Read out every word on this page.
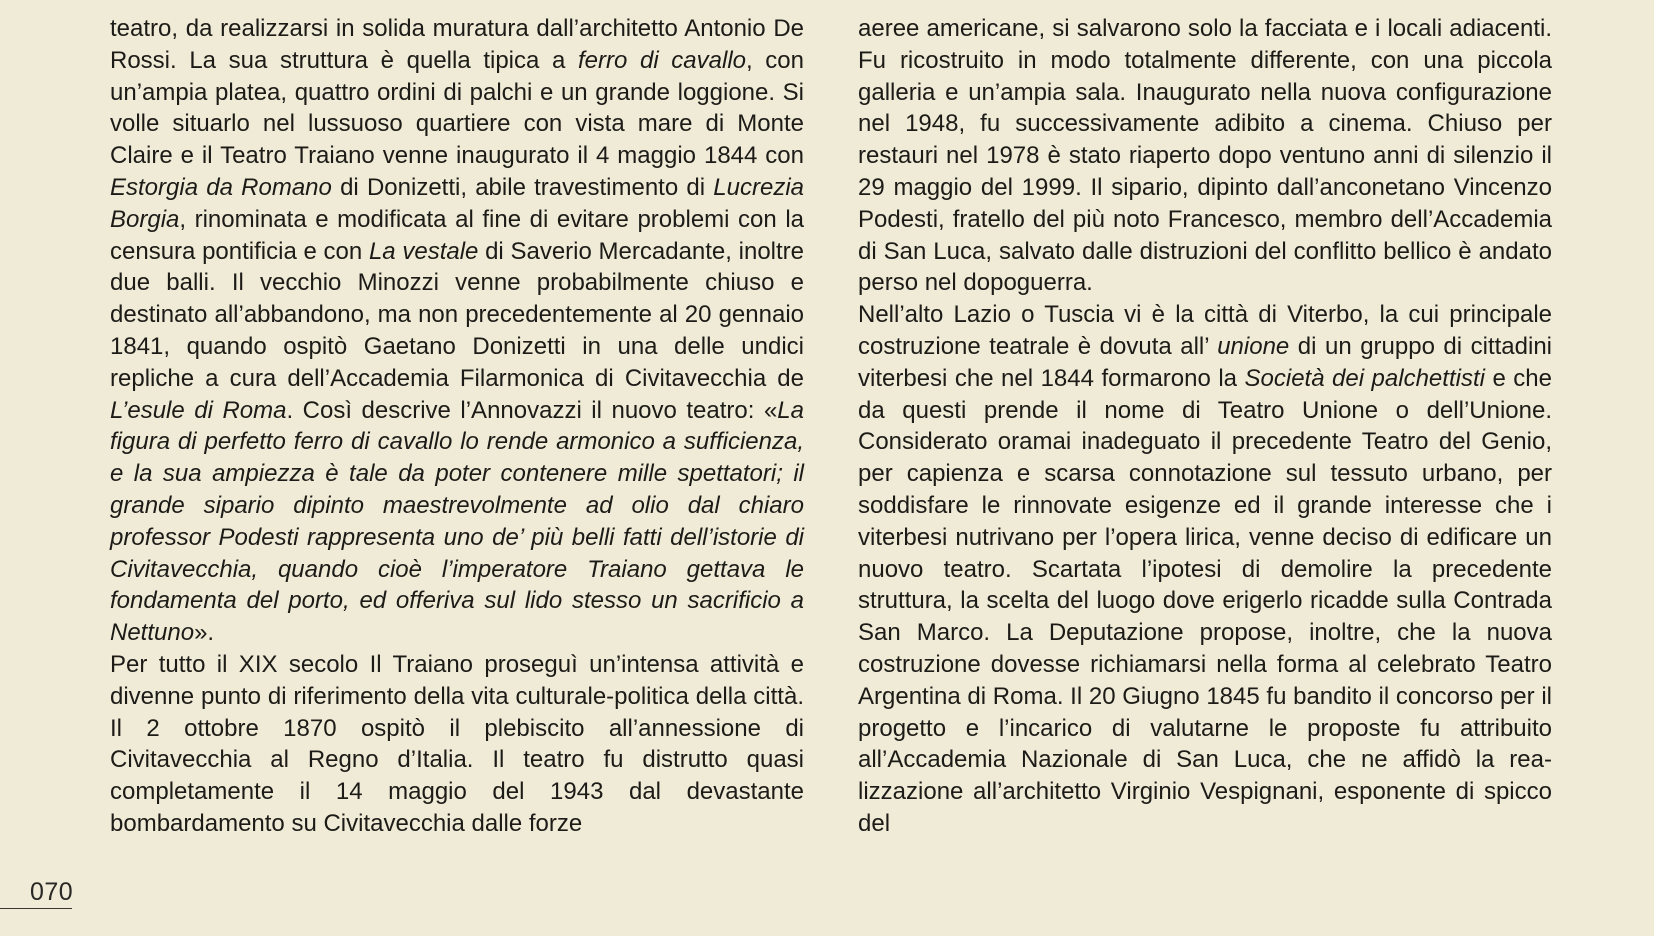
teatro, da realizzarsi in solida muratura dall’architetto Antonio De Rossi. La sua struttura è quella tipica a ferro di cavallo, con un’ampia platea, quattro ordini di palchi e un grande loggione. Si volle situarlo nel lussuoso quartiere con vista mare di Monte Claire e il Teatro Traiano venne inaugurato il 4 maggio 1844 con Estorgia da Romano di Donizetti, abile travestimento di Lucrezia Borgia, rinominata e modificata al fine di evitare problemi con la censura pontificia e con La vestale di Saverio Mercadante, inoltre due balli. Il vecchio Minozzi venne probabilmente chiuso e destinato all’abbandono, ma non precedentemente al 20 gennaio 1841, quando ospitò Gaetano Donizetti in una delle undici repliche a cura dell’Accademia Filarmonica di Civitavecchia de L’esule di Roma. Così descrive l’Annovazzi il nuovo teatro: «La figura di perfetto ferro di cavallo lo rende armonico a sufficienza, e la sua ampiezza è tale da poter contenere mille spettatori; il grande sipario dipinto maestrevolmente ad olio dal chiaro professor Podesti rappresenta uno de’ più belli fatti dell’istorie di Civitavecchia, quando cioè l’imperatore Traiano gettava le fondamenta del porto, ed offeriva sul lido stesso un sacrificio a Nettuno».

Per tutto il XIX secolo Il Traiano proseguì un’intensa attività e divenne punto di riferimento della vita culturale-politica della città. Il 2 ottobre 1870 ospitò il plebiscito all’annessione di Civitavecchia al Regno d’Italia. Il teatro fu distrutto quasi completamente il 14 maggio del 1943 dal devastante bombardamento su Civitavecchia dalle forze

aeree americane, si salvarono solo la facciata e i locali adiacenti. Fu ricostruito in modo totalmente differente, con una piccola galleria e un’ampia sala. Inaugurato nella nuova configurazione nel 1948, fu successivamente adibito a cinema. Chiuso per restauri nel 1978 è stato riaperto dopo ventuno anni di silenzio il 29 maggio del 1999. Il sipario, dipinto dall’anconetano Vincenzo Podesti, fratello del più noto Francesco, membro dell’Accademia di San Luca, salvato dalle distruzioni del conflitto bellico è andato perso nel dopoguerra.

Nell’alto Lazio o Tuscia vi è la città di Viterbo, la cui principale costruzione teatrale è dovuta all’ unione di un gruppo di cittadini viterbesi che nel 1844 formarono la Società dei palchettisti e che da questi prende il nome di Teatro Unione o dell’Unione. Considerato oramai inadeguato il precedente Teatro del Genio, per capienza e scarsa connotazione sul tessuto urbano, per soddisfare le rinnovate esigenze ed il grande interesse che i viterbesi nutrivano per l’opera lirica, venne deciso di edificare un nuovo teatro. Scartata l’ipotesi di demolire la precedente struttura, la scelta del luogo dove erigerlo ricadde sulla Contrada San Marco. La Deputazione propose, inoltre, che la nuova costruzione dovesse richiamarsi nella forma al celebrato Teatro Argentina di Roma. Il 20 Giugno 1845 fu bandito il concorso per il progetto e l’incarico di valutarne le proposte fu attribuito all’Accademia Nazionale di San Luca, che ne affidò la realizzazione all’architetto Virginio Vespignani, esponente di spicco del

070
